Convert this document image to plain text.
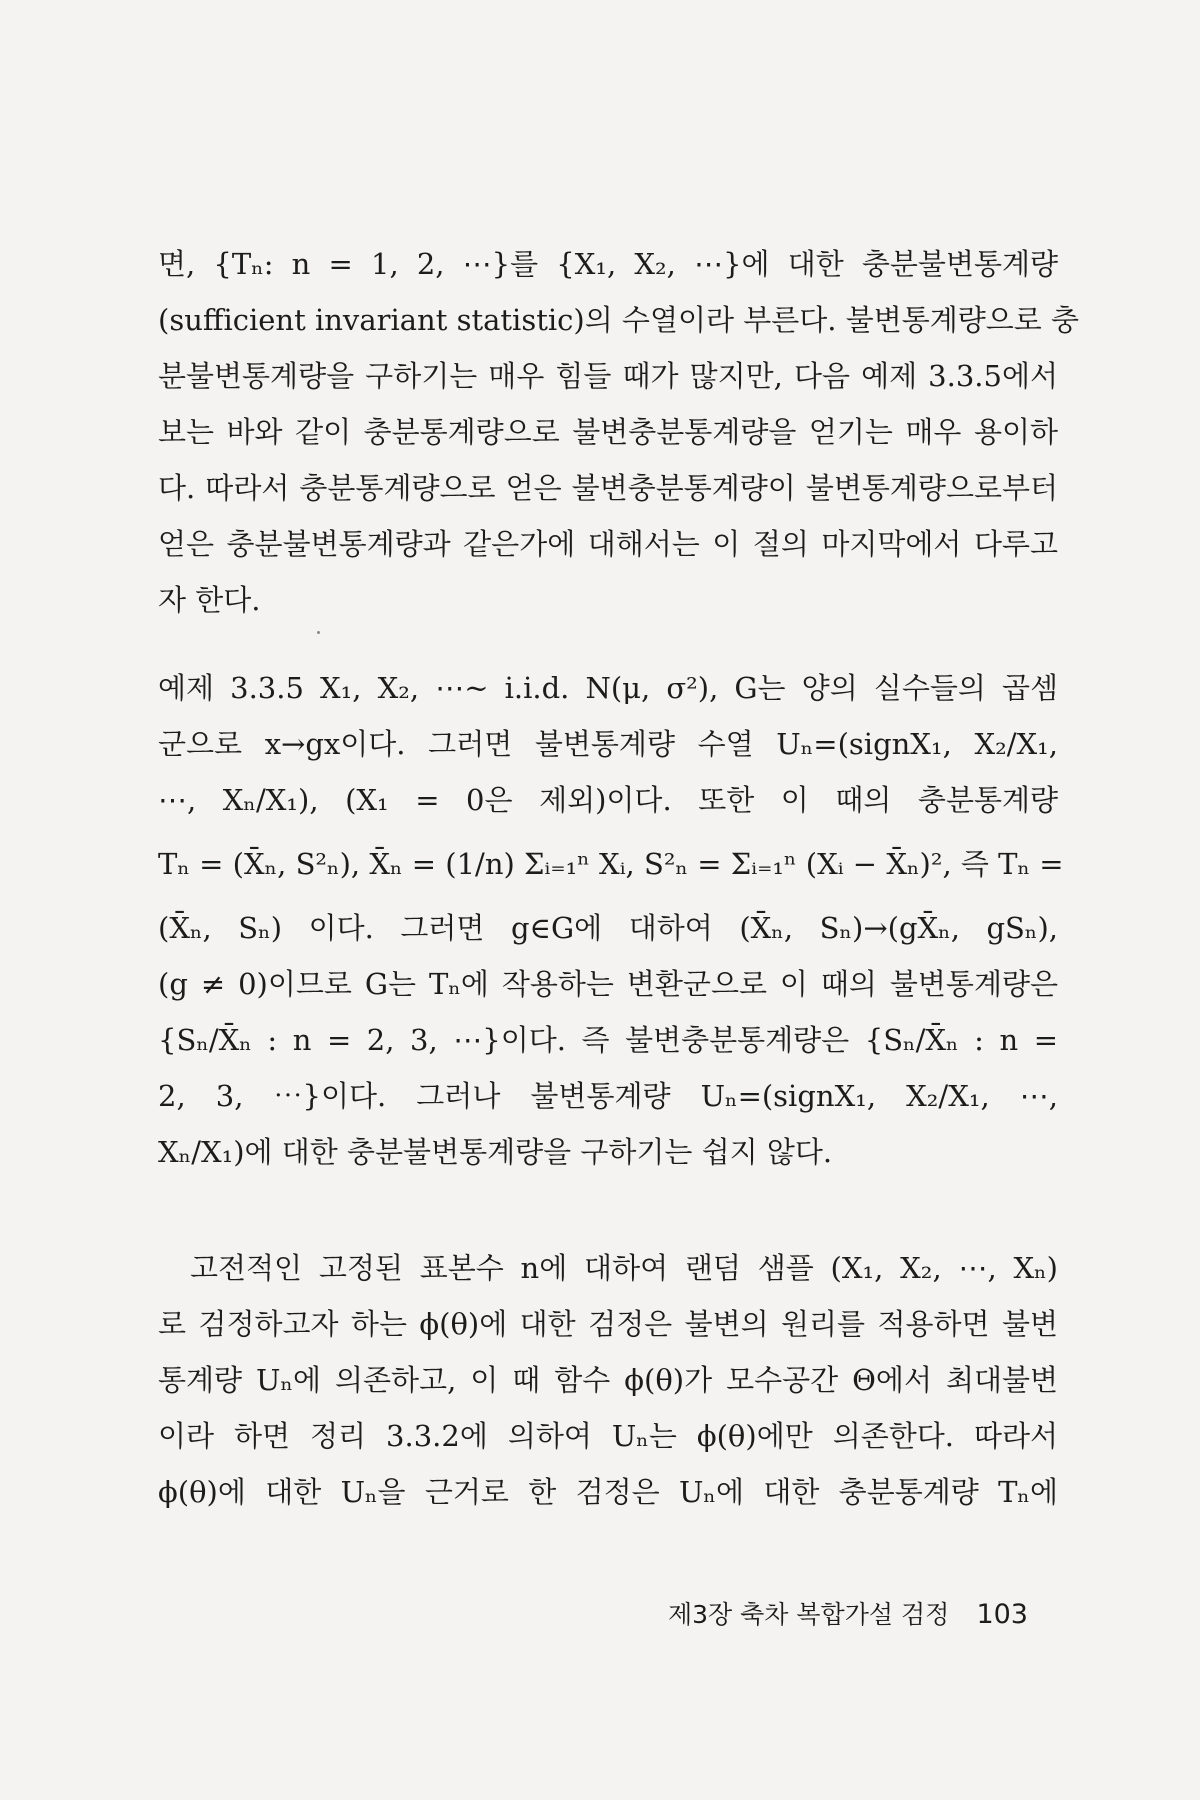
면, {Tₙ: n = 1, 2, ⋯}를 {X₁, X₂, ⋯}에 대한 충분불변통계량
(sufficient invariant statistic)의 수열이라 부른다. 불변통계량으로 충
분불변통계량을 구하기는 매우 힘들 때가 많지만, 다음 예제 3.3.5에서
보는 바와 같이 충분통계량으로 불변충분통계량을 얻기는 매우 용이하
다. 따라서 충분통계량으로 얻은 불변충분통계량이 불변통계량으로부터
얻은 충분불변통계량과 같은가에 대해서는 이 절의 마지막에서 다루고
자 한다.
예제 3.3.5 X₁, X₂, ⋯~ i.i.d. N(μ, σ²), G는 양의 실수들의 곱셈
군으로 x→gx이다. 그러면 불변통계량 수열 Uₙ=(signX₁, X₂/X₁,
⋯, Xₙ/X₁), (X₁ = 0은 제외)이다. 또한 이 때의 충분통계량
Tₙ = (X̄ₙ, S²ₙ), X̄ₙ = (1/n) Σᵢ₌₁ⁿ Xᵢ, S²ₙ = Σᵢ₌₁ⁿ (Xᵢ − X̄ₙ)², 즉 Tₙ =
(X̄ₙ, Sₙ) 이다. 그러면 g∈G에 대하여 (X̄ₙ, Sₙ)→(gX̄ₙ, gSₙ),
(g ≠ 0)이므로 G는 Tₙ에 작용하는 변환군으로 이 때의 불변통계량은
{Sₙ/X̄ₙ : n = 2, 3, ⋯}이다. 즉 불변충분통계량은 {Sₙ/X̄ₙ : n =
2, 3, ⋯}이다. 그러나 불변통계량 Uₙ=(signX₁, X₂/X₁, ⋯,
Xₙ/X₁)에 대한 충분불변통계량을 구하기는 쉽지 않다.
고전적인 고정된 표본수 n에 대하여 랜덤 샘플 (X₁, X₂, ⋯, Xₙ)
로 검정하고자 하는 ϕ(θ)에 대한 검정은 불변의 원리를 적용하면 불변
통계량 Uₙ에 의존하고, 이 때 함수 ϕ(θ)가 모수공간 Θ에서 최대불변
이라 하면 정리 3.3.2에 의하여 Uₙ는 ϕ(θ)에만 의존한다. 따라서
ϕ(θ)에 대한 Uₙ을 근거로 한 검정은 Uₙ에 대한 충분통계량 Tₙ에
제3장 축차 복합가설 검정 103
